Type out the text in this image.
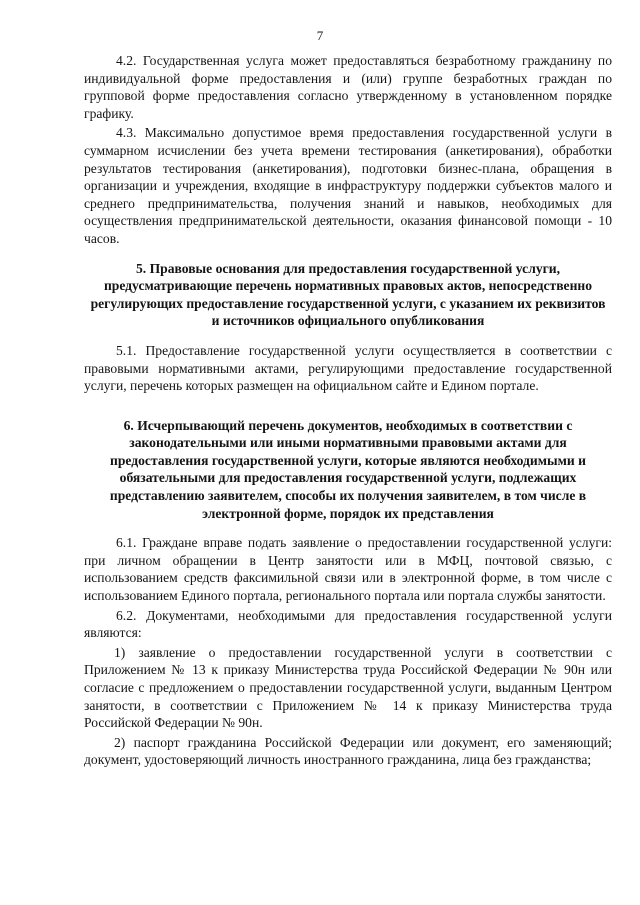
7

4.2. Государственная услуга может предоставляться безработному гражданину по индивидуальной форме предоставления и (или) группе безработных граждан по групповой форме предоставления согласно утвержденному в установленном порядке графику.

4.3. Максимально допустимое время предоставления государственной услуги в суммарном исчислении без учета времени тестирования (анкетирования), обработки результатов тестирования (анкетирования), подготовки бизнес-плана, обращения в организации и учреждения, входящие в инфраструктуру поддержки субъектов малого и среднего предпринимательства, получения знаний и навыков, необходимых для осуществления предпринимательской деятельности, оказания финансовой помощи - 10 часов.

5. Правовые основания для предоставления государственной услуги, предусматривающие перечень нормативных правовых актов, непосредственно регулирующих предоставление государственной услуги, с указанием их реквизитов и источников официального опубликования

5.1. Предоставление государственной услуги осуществляется в соответствии с правовыми нормативными актами, регулирующими предоставление государственной услуги, перечень которых размещен на официальном сайте и Едином портале.

6. Исчерпывающий перечень документов, необходимых в соответствии с законодательными или иными нормативными правовыми актами для предоставления государственной услуги, которые являются необходимыми и обязательными для предоставления государственной услуги, подлежащих представлению заявителем, способы их получения заявителем, в том числе в электронной форме, порядок их представления

6.1. Граждане вправе подать заявление о предоставлении государственной услуги: при личном обращении в Центр занятости или в МФЦ, почтовой связью, с использованием средств факсимильной связи или в электронной форме, в том числе с использованием Единого портала, регионального портала или портала службы занятости.

6.2. Документами, необходимыми для предоставления государственной услуги являются:

1) заявление о предоставлении государственной услуги в соответствии с Приложением № 13 к приказу Министерства труда Российской Федерации № 90н или согласие с предложением о предоставлении государственной услуги, выданным Центром занятости, в соответствии с Приложением № 14 к приказу Министерства труда Российской Федерации № 90н.

2) паспорт гражданина Российской Федерации или документ, его заменяющий; документ, удостоверяющий личность иностранного гражданина, лица без гражданства;
